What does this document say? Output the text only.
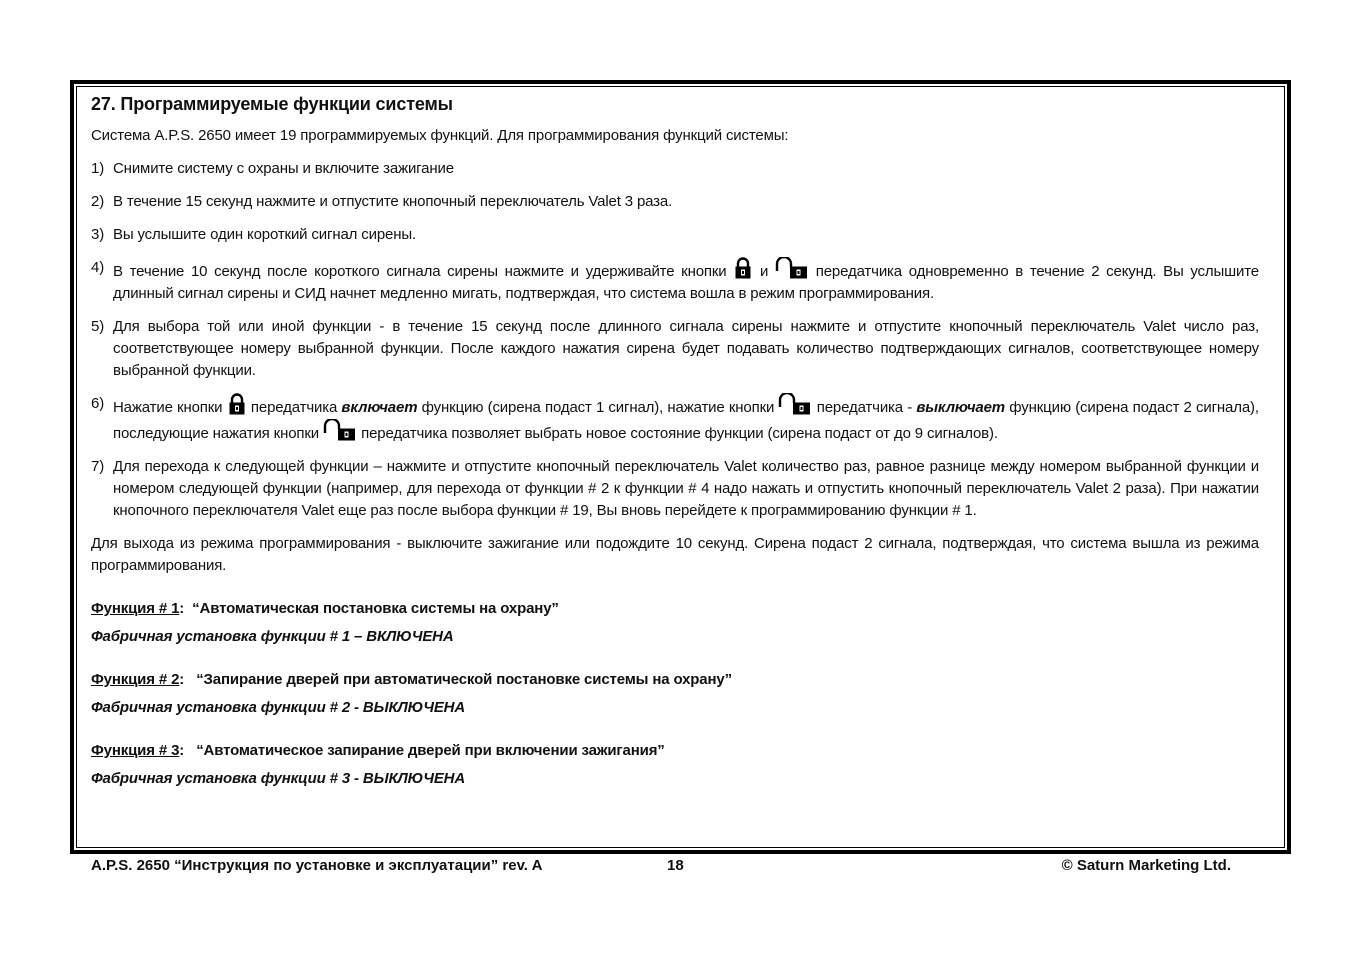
27. Программируемые функции системы
Система A.P.S. 2650 имеет 19 программируемых функций. Для программирования функций системы:
1) Снимите систему с охраны и включите зажигание
2) В течение 15 секунд нажмите и отпустите кнопочный переключатель Valet 3 раза.
3) Вы услышите один короткий сигнал сирены.
4) В течение 10 секунд после короткого сигнала сирены нажмите и удерживайте кнопки и	передатчика одновременно в течение 2 секунд. Вы услышите длинный сигнал сирены и СИД начнет медленно мигать, подтверждая, что система вошла в режим программирования.
5) Для выбора той или иной функции - в течение 15 секунд после длинного сигнала сирены нажмите и отпустите кнопочный переключатель Valet число раз, соответствующее номеру выбранной функции. После каждого нажатия сирена будет подавать количество подтверждающих сигналов, соответствующее номеру выбранной функции.
6) Нажатие кнопки передатчика включает функцию (сирена подаст 1 сигнал), нажатие кнопки	передатчика - выключает функцию (сирена подаст 2 сигнала), последующие нажатия кнопки	передатчика позволяет выбрать новое состояние функции (сирена подаст от до 9 сигналов).
7) Для перехода к следующей функции – нажмите и отпустите кнопочный переключатель Valet количество раз, равное разнице между номером выбранной функции и номером следующей функции (например, для перехода от функции # 2 к функции # 4 надо нажать и отпустить кнопочный переключатель Valet 2 раза). При нажатии кнопочного переключателя Valet еще раз после выбора функции # 19, Вы вновь перейдете к программированию функции # 1.
Для выхода из режима программирования - выключите зажигание или подождите 10 секунд. Сирена подаст 2 сигнала, подтверждая, что система вышла из режима программирования.

Функция # 1:  “Автоматическая постановка системы на охрану”

Фабричная установка функции # 1 – ВКЛЮЧЕНА

Функция # 2:   “Запирание дверей при автоматической постановке системы на охрану”

Фабричная установка функции # 2 - ВЫКЛЮЧЕНА

Функция # 3:   “Автоматическое запирание дверей при включении зажигания”

Фабричная установка функции # 3 - ВЫКЛЮЧЕНА

A.P.S. 2650 “Инструкция по установке и эксплуатации” rev. A	18	© Saturn Marketing Ltd.
